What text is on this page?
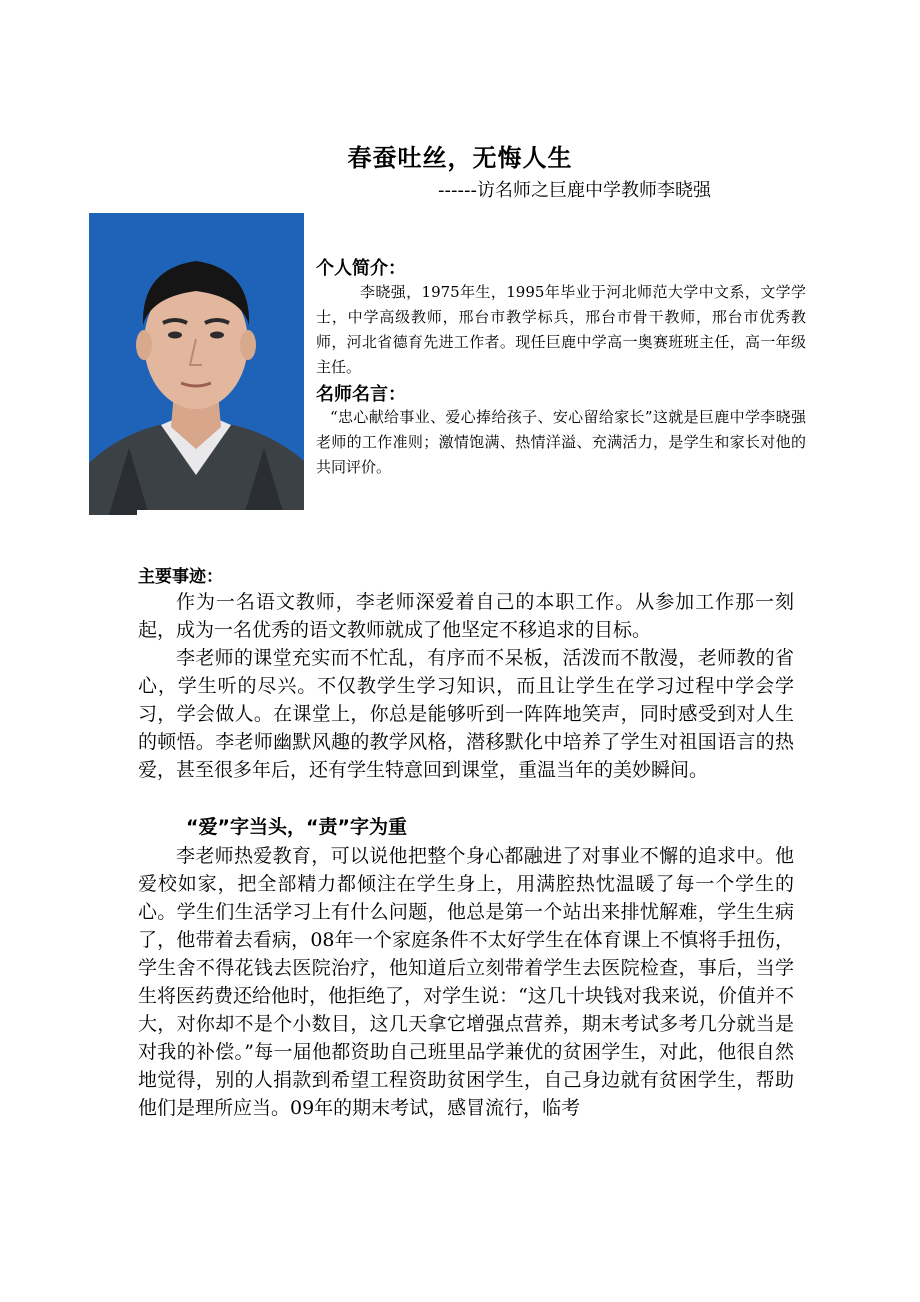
春蚕吐丝，无悔人生
------访名师之巨鹿中学教师李晓强
个人简介：
李晓强，1975年生，1995年毕业于河北师范大学中文系，文学学士，中学高级教师，邢台市教学标兵，邢台市骨干教师，邢台市优秀教师，河北省德育先进工作者。现任巨鹿中学高一奥赛班班主任，高一年级主任。
名师名言：
“忠心献给事业、爱心捧给孩子、安心留给家长”这就是巨鹿中学李晓强老师的工作准则；激情饱满、热情洋溢、充满活力，是学生和家长对他的共同评价。
主要事迹：

作为一名语文教师，李老师深爱着自己的本职工作。从参加工作那一刻起，成为一名优秀的语文教师就成了他坚定不移追求的目标。

李老师的课堂充实而不忙乱，有序而不呆板，活泼而不散漫，老师教的省心，学生听的尽兴。不仅教学生学习知识，而且让学生在学习过程中学会学习，学会做人。在课堂上，你总是能够听到一阵阵地笑声，同时感受到对人生的顿悟。李老师幽默风趣的教学风格，潜移默化中培养了学生对祖国语言的热爱，甚至很多年后，还有学生特意回到课堂，重温当年的美妙瞬间。

“爱”字当头，“责”字为重

李老师热爱教育，可以说他把整个身心都融进了对事业不懈的追求中。他爱校如家，把全部精力都倾注在学生身上，用满腔热忱温暖了每一个学生的心。学生们生活学习上有什么问题，他总是第一个站出来排忧解难，学生生病了，他带着去看病，08年一个家庭条件不太好学生在体育课上不慎将手扭伤，学生舍不得花钱去医院治疗，他知道后立刻带着学生去医院检查，事后，当学生将医药费还给他时，他拒绝了，对学生说：“这几十块钱对我来说，价值并不大，对你却不是个小数目，这几天拿它增强点营养，期末考试多考几分就当是对我的补偿。”每一届他都资助自己班里品学兼优的贫困学生，对此，他很自然地觉得，别的人捐款到希望工程资助贫困学生，自己身边就有贫困学生，帮助他们是理所应当。09年的期末考试，感冒流行，临考
